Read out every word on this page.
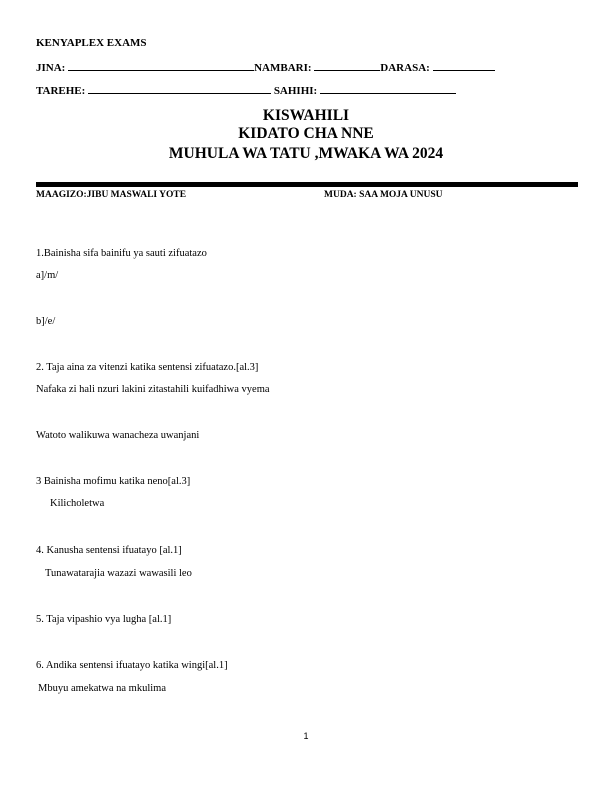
KENYAPLEX EXAMS
JINA:	NAMBARI:	DARASA:
TAREHE:	SAHIHI:
KISWAHILI
KIDATO CHA NNE
MUHULA WA TATU ,MWAKA WA 2024
MAAGIZO:JIBU MASWALI YOTE	MUDA: SAA MOJA UNUSU
1.Bainisha sifa bainifu ya sauti zifuatazo
a]/m/
b]/e/
2. Taja aina za vitenzi katika sentensi zifuatazo.[al.3]
Nafaka zi hali nzuri lakini zitastahili kuifadhiwa vyema
Watoto walikuwa wanacheza uwanjani
3 Bainisha mofimu katika neno[al.3]
Kilicholetwa
4. Kanusha sentensi ifuatayo [al.1]
Tunawatarajia wazazi wawasili leo
5. Taja vipashio vya lugha [al.1]
6. Andika sentensi ifuatayo katika wingi[al.1]
Mbuyu amekatwa na mkulima
1
